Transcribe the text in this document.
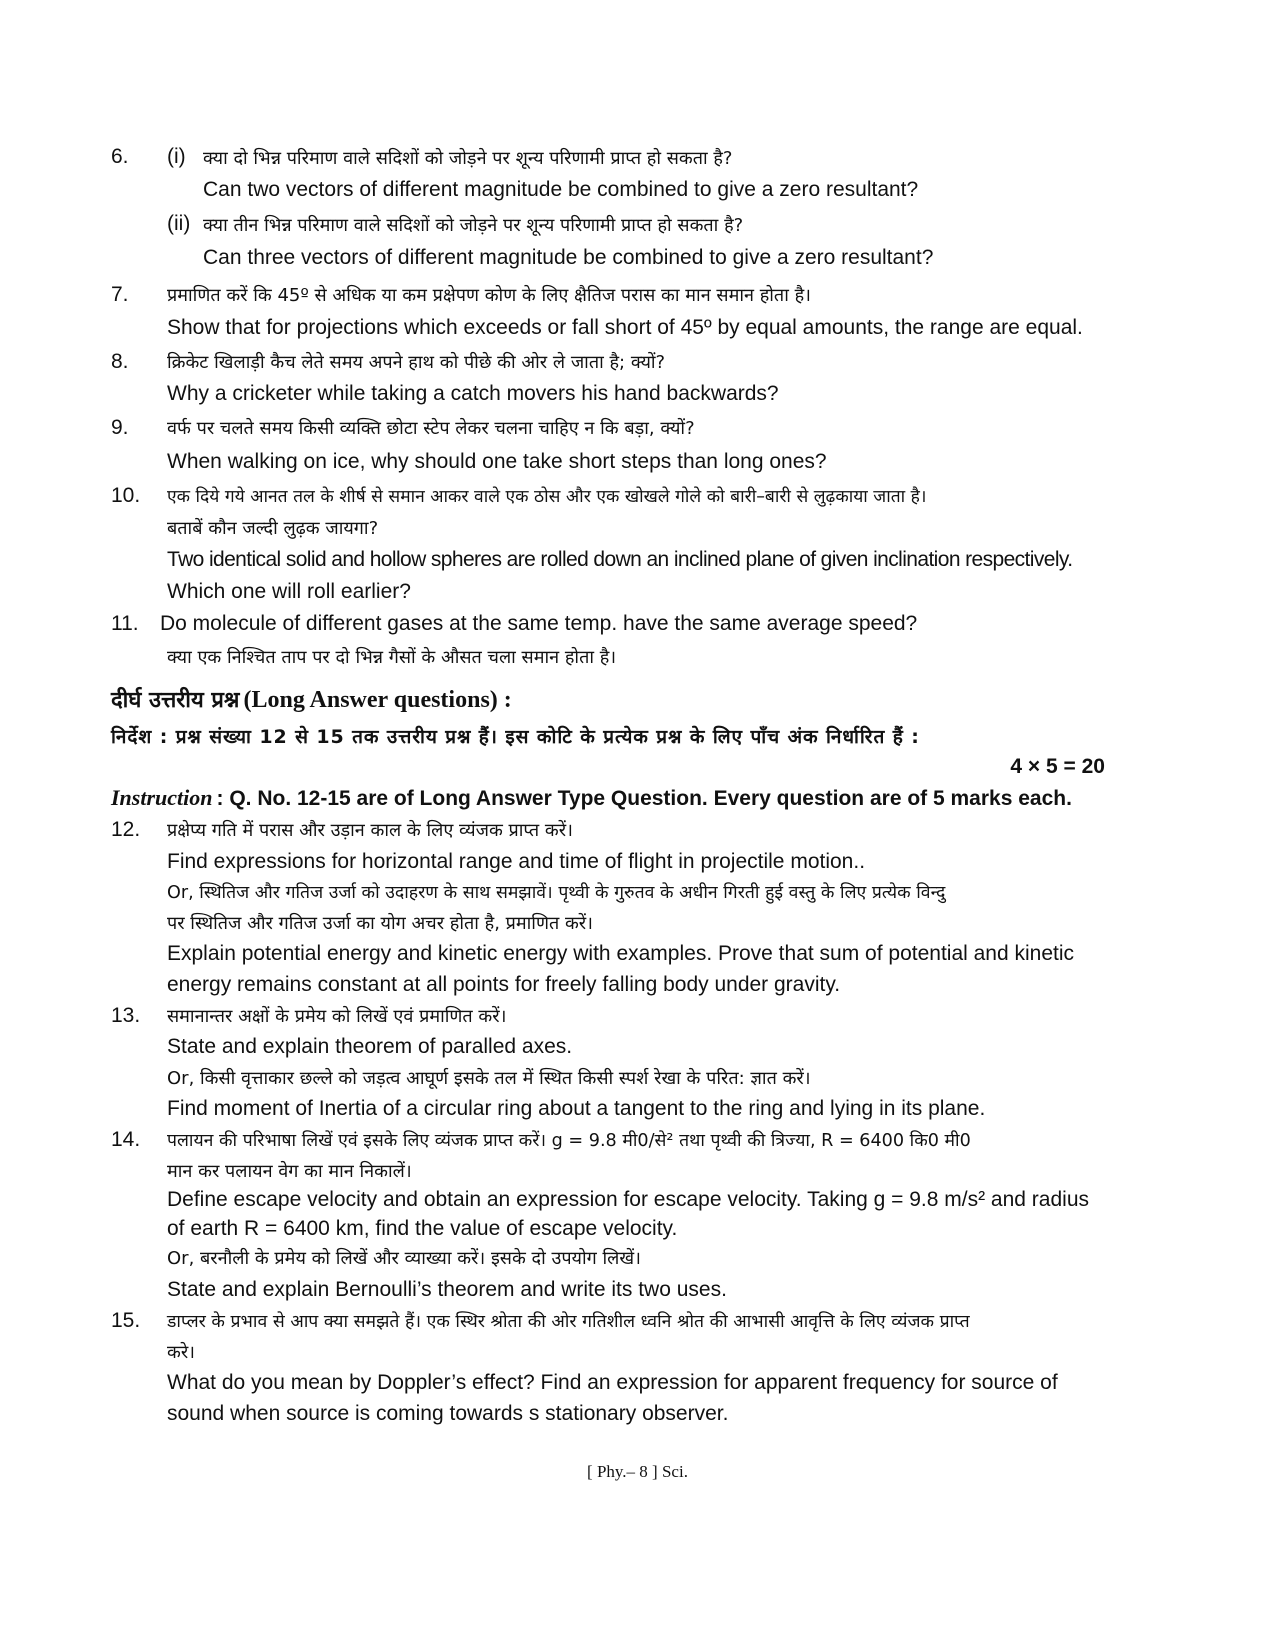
6. (i) क्या दो भिन्न परिमाण वाले सदिशों को जोड़ने पर शून्य परिणामी प्राप्त हो सकता है?
Can two vectors of different magnitude be combined to give a zero resultant?
(ii) क्या तीन भिन्न परिमाण वाले सदिशों को जोड़ने पर शून्य परिणामी प्राप्त हो सकता है?
Can three vectors of different magnitude be combined to give a zero resultant?
7. प्रमाणित करें कि 45º से अधिक या कम प्रक्षेपण कोण के लिए क्षैतिज परास का मान समान होता है।
Show that for projections which exceeds or fall short of 45º by equal amounts, the range are equal.
8. क्रिकेट खिलाड़ी कैच लेते समय अपने हाथ को पीछे की ओर ले जाता है; क्यों?
Why a cricketer while taking a catch movers his hand backwards?
9. वर्फ पर चलते समय किसी व्यक्ति छोटा स्टेप लेकर चलना चाहिए न कि बड़ा, क्यों?
When walking on ice, why should one take short steps than long ones?
10. एक दिये गये आनत तल के शीर्ष से समान आकर वाले एक ठोस और एक खोखले गोले को बारी–बारी से लुढ़काया जाता है।
बताबें कौन जल्दी लुढ़क जायगा?
Two identical solid and hollow spheres are rolled down an inclined plane of given inclination respectively.
Which one will roll earlier?
11. Do molecule of different gases at the same temp. have the same average speed?
क्या एक निश्चित ताप पर दो भिन्न गैसों के औसत चला समान होता है।
दीर्घ उत्तरीय प्रश्न (Long Answer questions) :
निर्देश : प्रश्न संख्या 12 से 15 तक उत्तरीय प्रश्न हैं। इस कोटि के प्रत्येक प्रश्न के लिए पाँच अंक निर्धारित हैं :
4 × 5 = 20
Instruction : Q. No. 12-15 are of Long Answer Type Question. Every question are of 5 marks each.
12. प्रक्षेप्य गति में परास और उड़ान काल के लिए व्यंजक प्राप्त करें।
Find expressions for horizontal range and time of flight in projectile motion..
Or, स्थितिज और गतिज उर्जा को उदाहरण के साथ समझावें। पृथ्वी के गुरुतव के अधीन गिरती हुई वस्तु के लिए प्रत्येक विन्दु
पर स्थितिज और गतिज उर्जा का योग अचर होता है, प्रमाणित करें।
Explain potential energy and kinetic energy with examples. Prove that sum of potential and kinetic
energy remains constant at all points for freely falling body under gravity.
13. समानान्तर अक्षों के प्रमेय को लिखें एवं प्रमाणित करें।
State and explain theorem of paralled axes.
Or, किसी वृत्ताकार छल्ले को जड़त्व आघूर्ण इसके तल में स्थित किसी स्पर्श रेखा के परित: ज्ञात करें।
Find moment of Inertia of a circular ring about a tangent to the ring and lying in its plane.
14. पलायन की परिभाषा लिखें एवं इसके लिए व्यंजक प्राप्त करें। g = 9.8 मी0/से² तथा पृथ्वी की त्रिज्या, R = 6400 कि0 मी0
मान कर पलायन वेग का मान निकालें।
Define escape velocity and obtain an expression for escape velocity. Taking g = 9.8 m/s² and radius
of earth R = 6400 km, find the value of escape velocity.
Or, बरनौली के प्रमेय को लिखें और व्याख्या करें। इसके दो उपयोग लिखें।
State and explain Bernoulli’s theorem and write its two uses.
15. डाप्लर के प्रभाव से आप क्या समझते हैं। एक स्थिर श्रोता की ओर गतिशील ध्वनि श्रोत की आभासी आवृत्ति के लिए व्यंजक प्राप्त
करे।
What do you mean by Doppler’s effect? Find an expression for apparent frequency for source of
sound when source is coming towards s stationary observer.
[ Phy.– 8 ] Sci.
